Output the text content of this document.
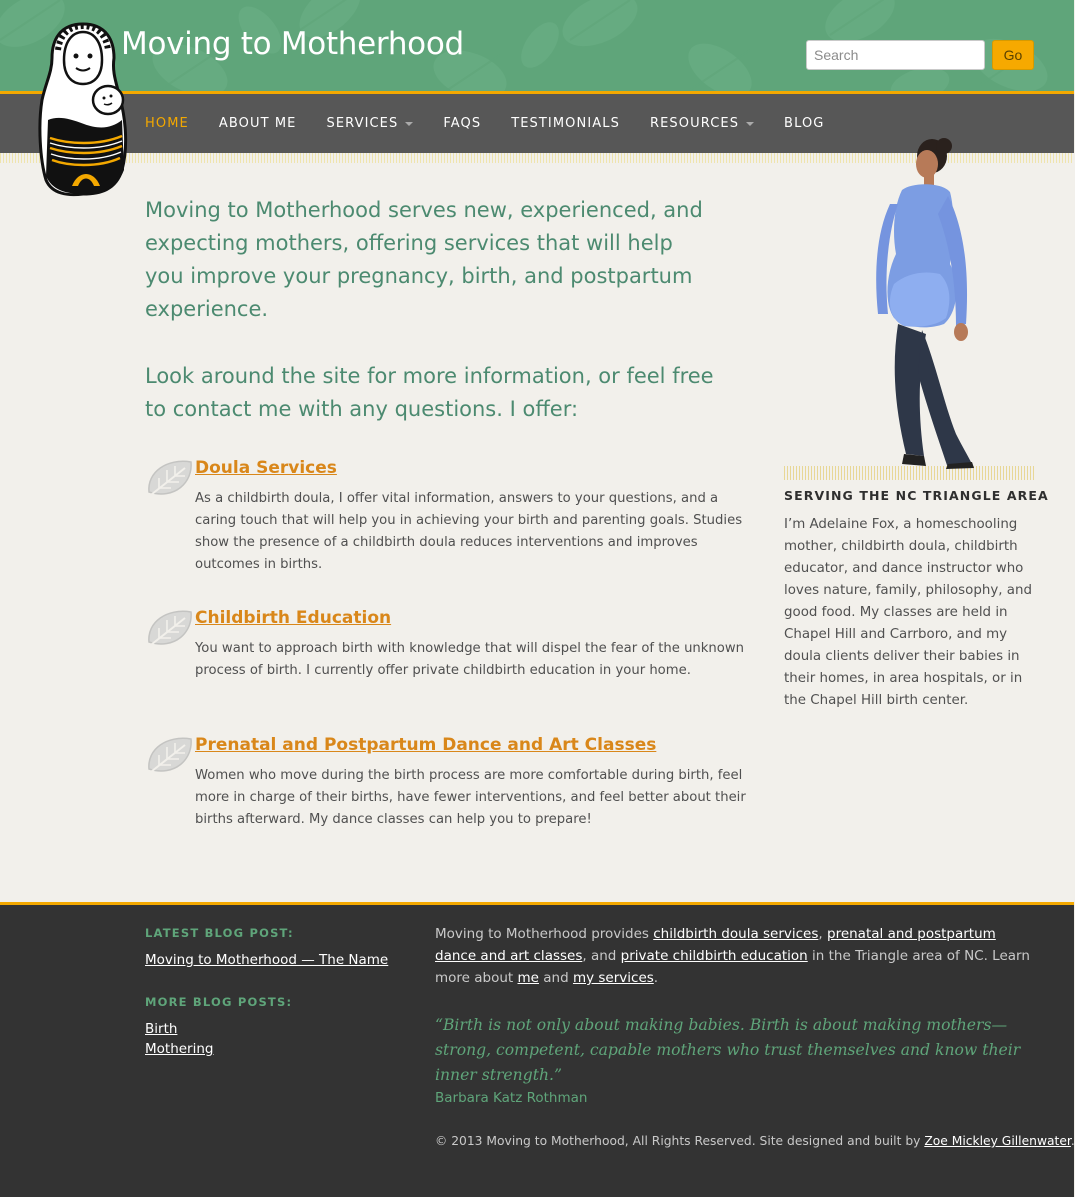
Moving to Motherhood
Search	Go
HOME ABOUT ME SERVICES	FAQS TESTIMONIALS RESOURCES	BLOG
Moving to Motherhood serves new, experienced, and expecting mothers, offering services that will help you improve your pregnancy, birth, and postpartum experience.
Look around the site for more information, or feel free to contact me with any questions. I offer:
Doula Services
As a childbirth doula, I offer vital information, answers to your questions, and a caring touch that will help you in achieving your birth and parenting goals. Studies show the presence of a childbirth doula reduces interventions and improves outcomes in births.
Childbirth Education
You want to approach birth with knowledge that will dispel the fear of the unknown process of birth. I currently offer private childbirth education in your home.
Prenatal and Postpartum Dance and Art Classes
Women who move during the birth process are more comfortable during birth, feel more in charge of their births, have fewer interventions, and feel better about their births afterward. My dance classes can help you to prepare!
SERVING THE NC TRIANGLE AREA
I’m Adelaine Fox, a homeschooling mother, childbirth doula, childbirth educator, and dance instructor who loves nature, family, philosophy, and good food. My classes are held in Chapel Hill and Carrboro, and my doula clients deliver their babies in their homes, in area hospitals, or in the Chapel Hill birth center.
LATEST BLOG POST:
Moving to Motherhood — The Name
MORE BLOG POSTS:
Birth
Mothering
Moving to Motherhood provides childbirth doula services, prenatal and postpartum dance and art classes, and private childbirth education in the Triangle area of NC. Learn more about me and my services.
“Birth is not only about making babies. Birth is about making mothers—strong, competent, capable mothers who trust themselves and know their inner strength.”
Barbara Katz Rothman
© 2013 Moving to Motherhood, All Rights Reserved. Site designed and built by Zoe Mickley Gillenwater.
